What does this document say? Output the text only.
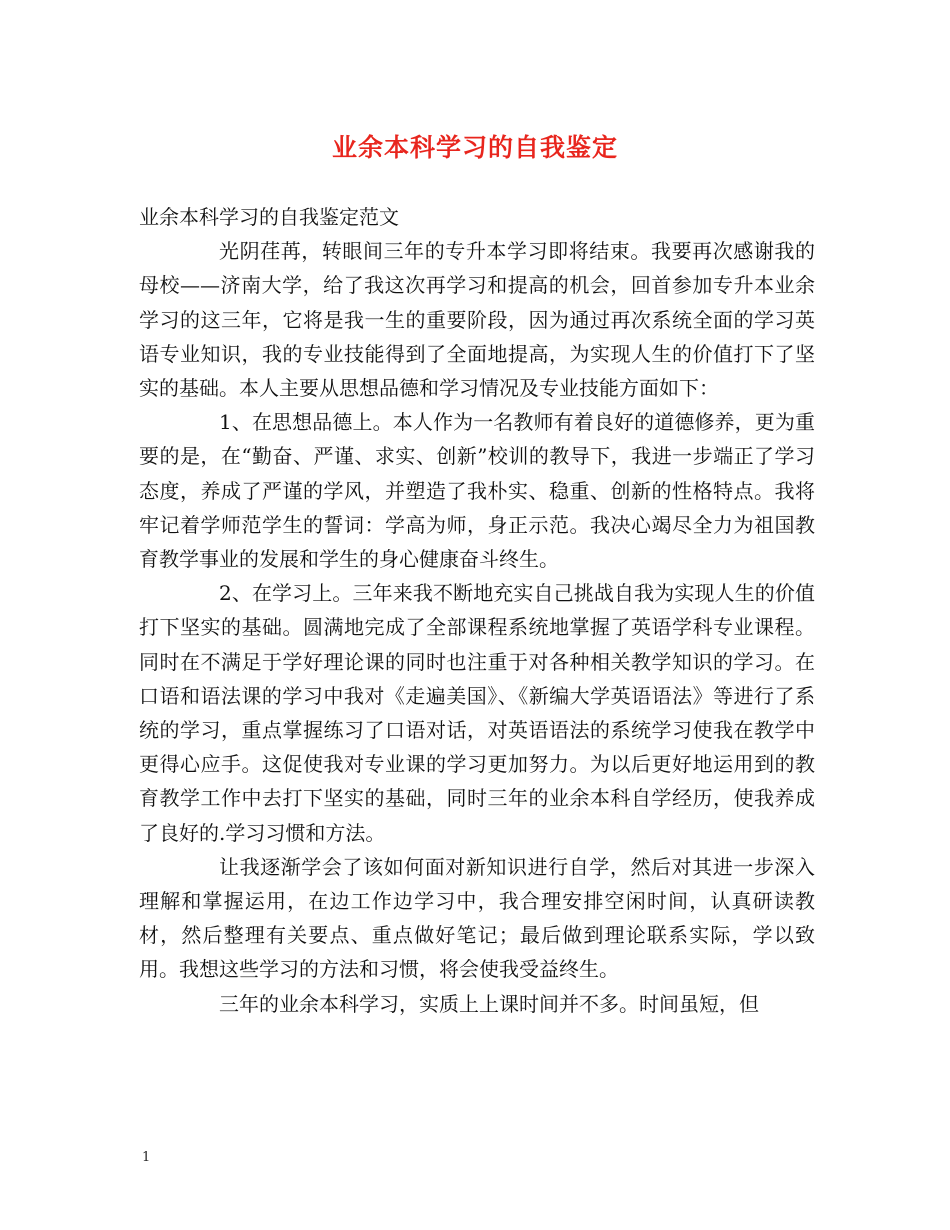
业余本科学习的自我鉴定

业余本科学习的自我鉴定范文

光阴荏苒，转眼间三年的专升本学习即将结束。我要再次感谢我的母校——济南大学，给了我这次再学习和提高的机会，回首参加专升本业余学习的这三年，它将是我一生的重要阶段，因为通过再次系统全面的学习英语专业知识，我的专业技能得到了全面地提高，为实现人生的价值打下了坚实的基础。本人主要从思想品德和学习情况及专业技能方面如下：

1、在思想品德上。本人作为一名教师有着良好的道德修养，更为重要的是，在“勤奋、严谨、求实、创新”校训的教导下，我进一步端正了学习态度，养成了严谨的学风，并塑造了我朴实、稳重、创新的性格特点。我将牢记着学师范学生的誓词：学高为师，身正示范。我决心竭尽全力为祖国教育教学事业的发展和学生的身心健康奋斗终生。

2、在学习上。三年来我不断地充实自己挑战自我为实现人生的价值打下坚实的基础。圆满地完成了全部课程系统地掌握了英语学科专业课程。同时在不满足于学好理论课的同时也注重于对各种相关教学知识的学习。在口语和语法课的学习中我对《走遍美国》、《新编大学英语语法》等进行了系统的学习，重点掌握练习了口语对话，对英语语法的系统学习使我在教学中更得心应手。这促使我对专业课的学习更加努力。为以后更好地运用到的教育教学工作中去打下坚实的基础，同时三年的业余本科自学经历，使我养成了良好的.学习习惯和方法。

让我逐渐学会了该如何面对新知识进行自学，然后对其进一步深入理解和掌握运用，在边工作边学习中，我合理安排空闲时间，认真研读教材，然后整理有关要点、重点做好笔记；最后做到理论联系实际，学以致用。我想这些学习的方法和习惯，将会使我受益终生。

三年的业余本科学习，实质上上课时间并不多。时间虽短，但

1
